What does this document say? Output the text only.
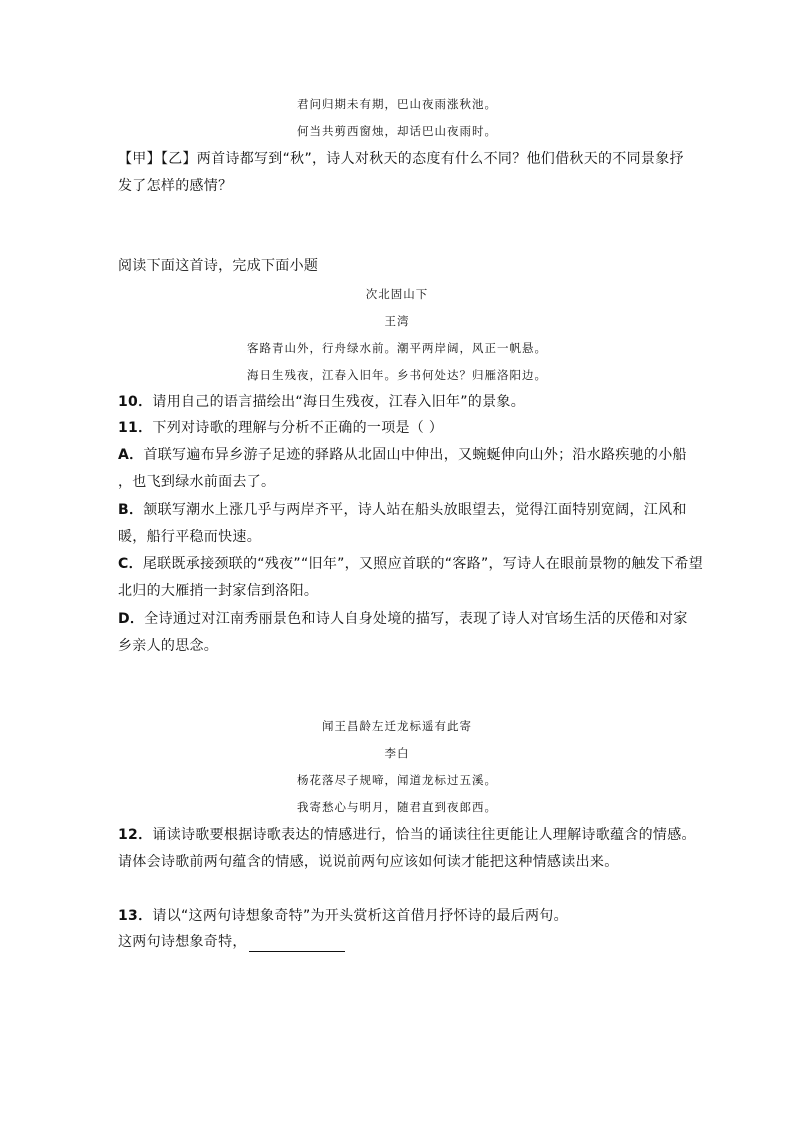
君问归期未有期，巴山夜雨涨秋池。
何当共剪西窗烛，却话巴山夜雨时。
【甲】【乙】两首诗都写到“秋”，诗人对秋天的态度有什么不同？他们借秋天的不同景象抒
发了怎样的感情？
阅读下面这首诗，完成下面小题
次北固山下
王湾
客路青山外，行舟绿水前。潮平两岸阔，风正一帆悬。
海日生残夜，江春入旧年。乡书何处达？归雁洛阳边。
10．请用自己的语言描绘出“海日生残夜，江春入旧年”的景象。
11．下列对诗歌的理解与分析不正确的一项是（ ）
A．首联写遍布异乡游子足迹的驿路从北固山中伸出，又蜿蜒伸向山外；沿水路疾驰的小船
，也飞到绿水前面去了。
B．颔联写潮水上涨几乎与两岸齐平，诗人站在船头放眼望去，觉得江面特别宽阔，江风和
暖，船行平稳而快速。
C．尾联既承接颈联的“残夜”“旧年”，又照应首联的“客路”，写诗人在眼前景物的触发下希望
北归的大雁捎一封家信到洛阳。
D．全诗通过对江南秀丽景色和诗人自身处境的描写，表现了诗人对官场生活的厌倦和对家
乡亲人的思念。
闻王昌龄左迁龙标遥有此寄
李白
杨花落尽子规啼，闻道龙标过五溪。
我寄愁心与明月，随君直到夜郎西。
12．诵读诗歌要根据诗歌表达的情感进行，恰当的诵读往往更能让人理解诗歌蕴含的情感。
请体会诗歌前两句蕴含的情感，说说前两句应该如何读才能把这种情感读出来。
13．请以“这两句诗想象奇特”为开头赏析这首借月抒怀诗的最后两句。
这两句诗想象奇特，
